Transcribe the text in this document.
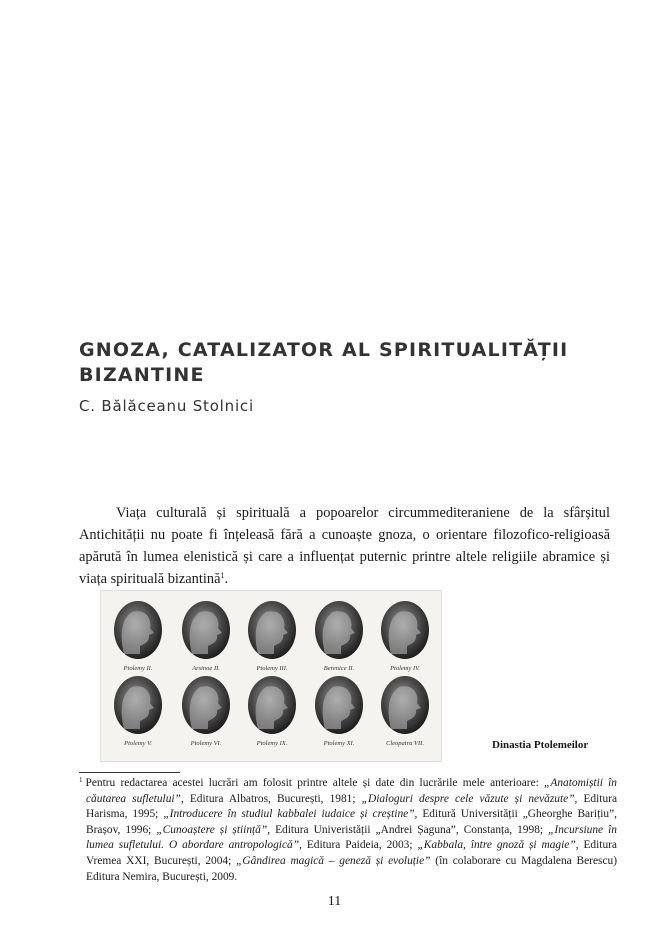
GNOZA, CATALIZATOR AL SPIRITUALITĂȚII BIZANTINE
C. Bălăceanu Stolnici

Viața culturală și spirituală a popoarelor circummediteraniene de la sfârșitul Antichității nu poate fi înțeleasă fără a cunoaște gnoza, o orientare filozofico-religioasă apărută în lumea elenistică și care a influențat puternic printre altele religiile abramice și viața spirituală bizantină$^1$.

Ptolemy II.	Arsinoe II.	Ptolemy III.	Berenice II.	Ptolemy IV.
Ptolemy V.	Ptolemy VI.	Ptolemy IX.	Ptolemy XI.	Cleopatra VII.	Dinastia Ptolemeilor

$^1$ Pentru redactarea acestei lucrări am folosit printre altele și date din lucrările mele anterioare: „Anatomiștii în căutarea sufletului”, Editura Albatros, București, 1981; „Dialoguri despre cele văzute și nevăzute”, Editura Harisma, 1995; „Introducere în studiul kabbalei iudaice și creștine”, Editură Universității „Gheorghe Barițiu”, Brașov, 1996; „Cunoaștere și știință”, Editura Univeristății „Andrei Șaguna”, Constanța, 1998; „Incursiune în lumea sufletului. O abordare antropologică”, Editura Paideia, 2003; „Kabbala, între gnoză și magie”, Editura Vremea XXI, București, 2004; „Gândirea magică – geneză și evoluție” (în colaborare cu Magdalena Berescu) Editura Nemira, București, 2009.

11
